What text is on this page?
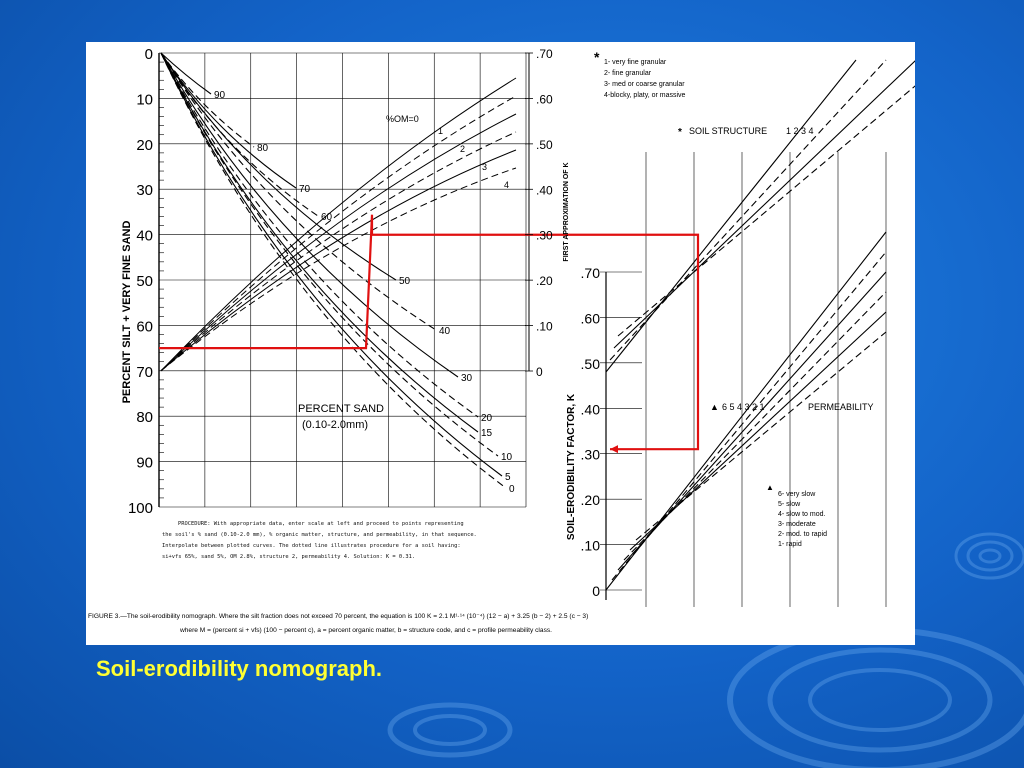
90
80
70
60
50
40
30
20
15
10
5
0
1
2
3
4
0
10
20
30
40
50
60
70
80
90
100
.70
.60
.50
.40
.30
.20
.10
0
.70
.60
.50
.40
.30
.20
.10
0
PERCENT SILT + VERY FINE SAND
FIRST APPROXIMATION OF K
SOIL-ERODIBILITY FACTOR, K
%OM=0
PERCENT SAND
(0.10-2.0mm)
* 1- very fine granular
2- fine granular
3- med or coarse granular
4-blocky, platy, or massive
* SOIL STRUCTURE 1 2 3 4
▲ 6 5 4 3 2 1	PERMEABILITY
▲
6- very slow
5- slow
4- slow to mod.
3- moderate
2- mod. to rapid
1- rapid
PROCEDURE: With appropriate data, enter scale at left and proceed to points representing
the soil's % sand (0.10-2.0 mm), % organic matter, structure, and permeability, in that sequence.
Interpolate between plotted curves. The dotted line illustrates procedure for a soil having:
si+vfs 65%, sand 5%, OM 2.8%, structure 2, permeability 4. Solution: K = 0.31.
FIGURE 3.—The soil-erodibility nomograph. Where the silt fraction does not exceed 70 percent, the equation is 100 K = 2.1 M¹·¹⁴ (10⁻⁴) (12 − a) + 3.25 (b − 2) + 2.5 (c − 3)
where M = (percent si + vfs) (100 − percent c), a = percent organic matter, b = structure code, and c = profile permeability class.

Soil-erodibility nomograph.
